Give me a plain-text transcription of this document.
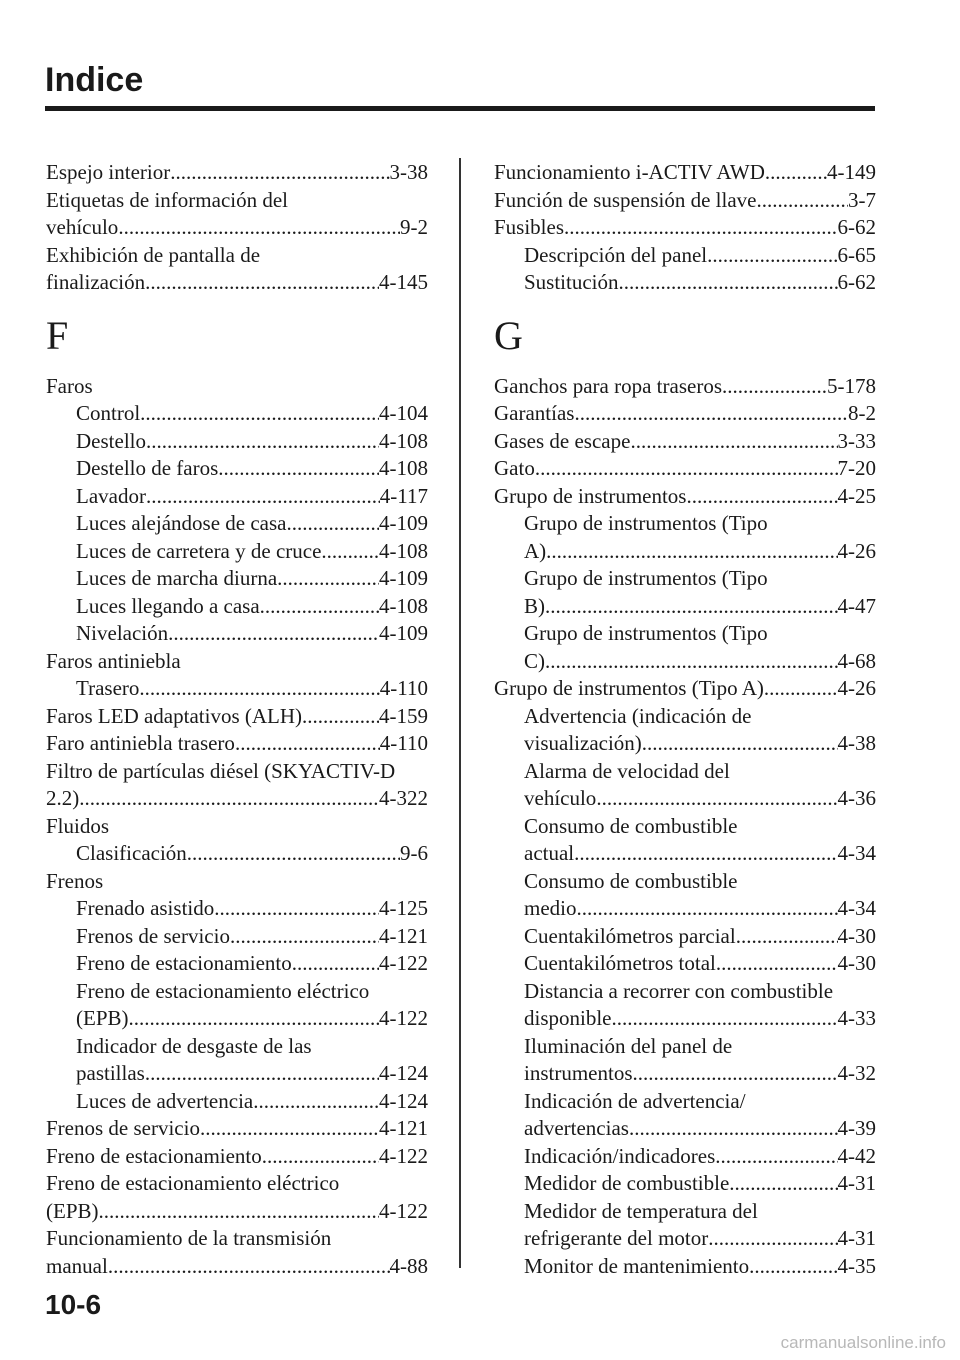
Indice
Espejo interior .....	3-38
Etiquetas de información del
vehículo .....	9-2
Exhibición de pantalla de
finalización .....	4-145
F
Faros
Control .....	4-104
Destello .....	4-108
Destello de faros .....	4-108
Lavador .....	4-117
Luces alejándose de casa .....	4-109
Luces de carretera y de cruce .....	4-108
Luces de marcha diurna .....	4-109
Luces llegando a casa .....	4-108
Nivelación .....	4-109
Faros antiniebla
Trasero .....	4-110
Faros LED adaptativos (ALH) .....	4-159
Faro antiniebla trasero .....	4-110
Filtro de partículas diésel (SKYACTIV-D
2.2) .....	4-322
Fluidos
Clasificación .....	9-6
Frenos
Frenado asistido .....	4-125
Frenos de servicio .....	4-121
Freno de estacionamiento .....	4-122
Freno de estacionamiento eléctrico
(EPB) .....	4-122
Indicador de desgaste de las
pastillas .....	4-124
Luces de advertencia .....	4-124
Frenos de servicio .....	4-121
Freno de estacionamiento .....	4-122
Freno de estacionamiento eléctrico
(EPB) .....	4-122
Funcionamiento de la transmisión
manual .....	4-88
Funcionamiento i-ACTIV AWD .....	4-149
Función de suspensión de llave .....	3-7
Fusibles .....	6-62
Descripción del panel .....	6-65
Sustitución .....	6-62
G
Ganchos para ropa traseros .....	5-178
Garantías .....	8-2
Gases de escape .....	3-33
Gato .....	7-20
Grupo de instrumentos .....	4-25
Grupo de instrumentos (Tipo
A) .....	4-26
Grupo de instrumentos (Tipo
B) .....	4-47
Grupo de instrumentos (Tipo
C) .....	4-68
Grupo de instrumentos (Tipo A) .....	4-26
Advertencia (indicación de
visualización) .....	4-38
Alarma de velocidad del
vehículo .....	4-36
Consumo de combustible
actual .....	4-34
Consumo de combustible
medio .....	4-34
Cuentakilómetros parcial .....	4-30
Cuentakilómetros total .....	4-30
Distancia a recorrer con combustible
disponible .....	4-33
Iluminación del panel de
instrumentos .....	4-32
Indicación de advertencia/
advertencias .....	4-39
Indicación/indicadores .....	4-42
Medidor de combustible .....	4-31
Medidor de temperatura del
refrigerante del motor .....	4-31
Monitor de mantenimiento .....	4-35
10-6
carmanualsonline.info
